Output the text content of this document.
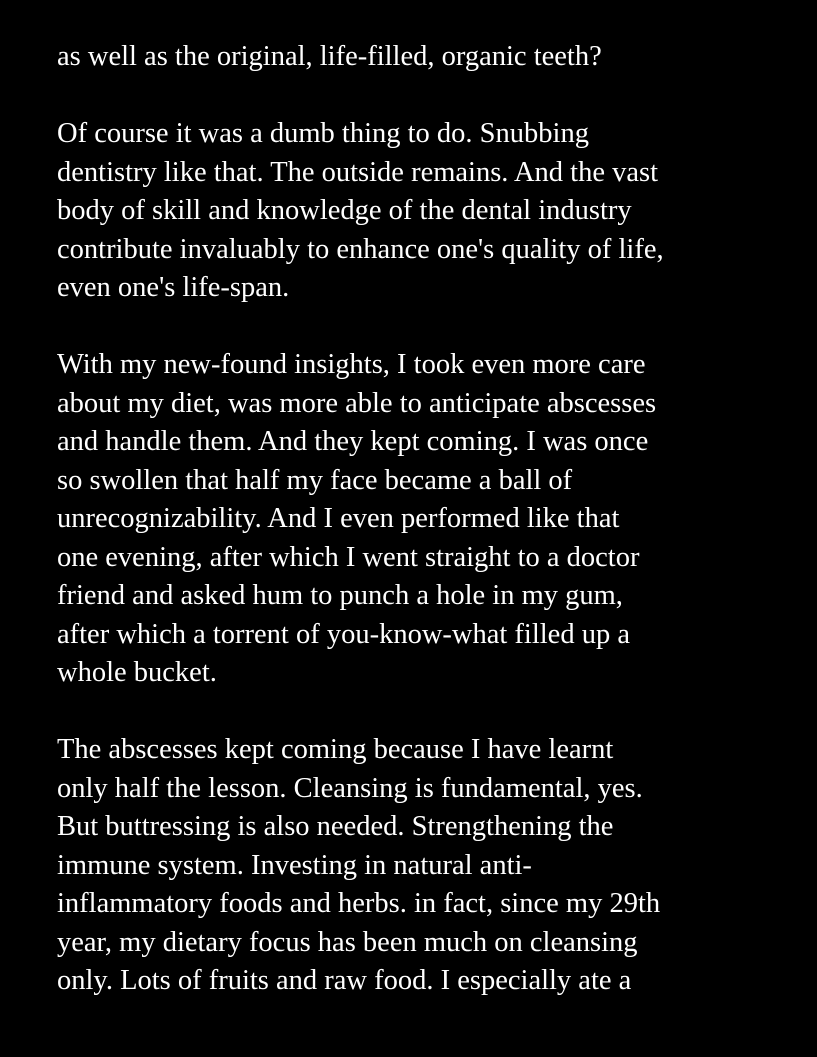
as well as the original, life-filled, organic teeth?
Of course it was a dumb thing to do. Snubbing
dentistry like that. The outside remains. And the vast
body of skill and knowledge of the dental industry
contribute invaluably to enhance one's quality of life,
even one's life-span.
With my new-found insights, I took even more care
about my diet, was more able to anticipate abscesses
and handle them. And they kept coming. I was once
so swollen that half my face became a ball of
unrecognizability. And I even performed like that
one evening, after which I went straight to a doctor
friend and asked hum to punch a hole in my gum,
after which a torrent of you-know-what filled up a
whole bucket.
The abscesses kept coming because I have learnt
only half the lesson. Cleansing is fundamental, yes.
But buttressing is also needed. Strengthening the
immune system. Investing in natural anti-
inflammatory foods and herbs. in fact, since my 29th
year, my dietary focus has been much on cleansing
only. Lots of fruits and raw food. I especially ate a
